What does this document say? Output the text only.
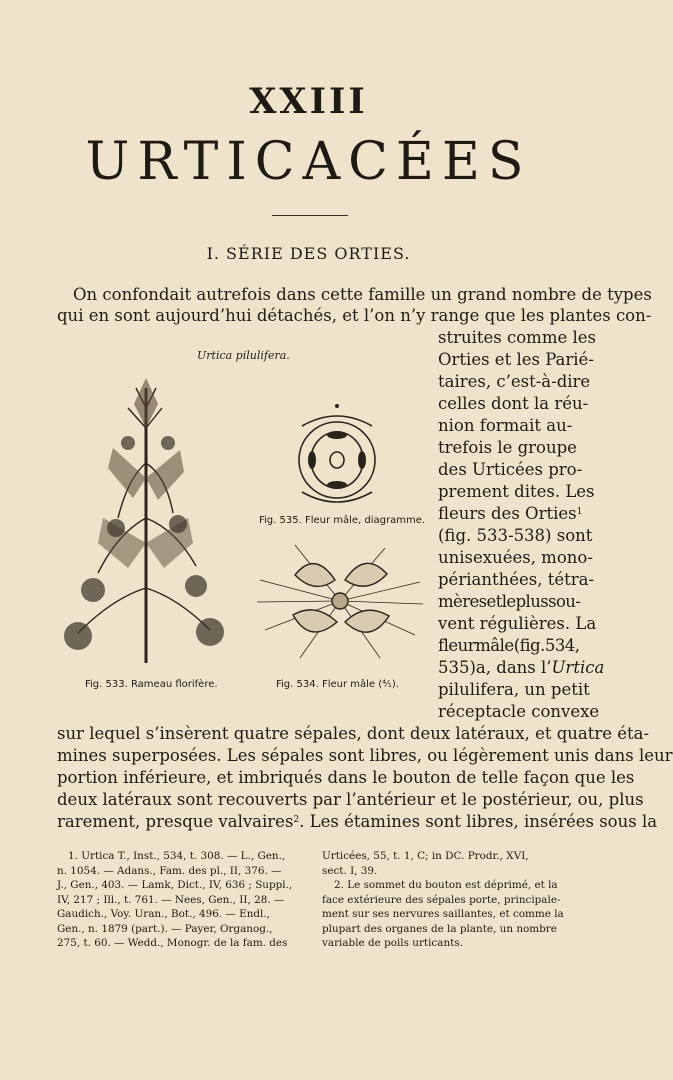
XXIII
URTICACÉES
I. SÉRIE DES ORTIES.
On confondait autrefois dans cette famille un grand nombre de types
qui en sont aujourd’hui détachés, et l’on n’y range que les plantes con-
struites comme les
Orties et les Parié-
taires, c’est-à-dire
celles dont la réu-
nion formait au-
trefois le groupe
des Urticées pro-
prement dites. Les
fleurs des Orties$^1$
(fig. 533-538) sont
unisexuées, mono-
périanthées, tétra-
mèresetleplussou-
vent régulières. La
fleurmâle(fig.534,
535)a, dans l’Urtica
pilulifera, un petit
réceptacle convexe
Urtica pilulifera.
Fig. 535. Fleur mâle, diagramme.
Fig. 533. Rameau florifère.	Fig. 534. Fleur mâle (⁴⁄₁).
sur lequel s’insèrent quatre sépales, dont deux latéraux, et quatre éta-
mines superposées. Les sépales sont libres, ou légèrement unis dans leur
portion inférieure, et imbriqués dans le bouton de telle façon que les
deux latéraux sont recouverts par l’antérieur et le postérieur, ou, plus
rarement, presque valvaires$^2$. Les étamines sont libres, insérées sous la
1. Urtica T., Inst., 534, t. 308. — L., Gen.,
n. 1054. — Adans., Fam. des pl., II, 376. —
J., Gen., 403. — Lamk, Dict., IV, 636 ; Suppl.,
IV, 217 ; Ill., t. 761. — Nees, Gen., II, 28. —
Gaudich., Voy. Uran., Bot., 496. — Endl.,
Gen., n. 1879 (part.). — Payer, Organog.,
275, t. 60. — Wedd., Monogr. de la fam. des
Urticées, 55, t. 1, C; in DC. Prodr., XVI,
sect. I, 39.
2. Le sommet du bouton est déprimé, et la
face extérieure des sépales porte, principale-
ment sur ses nervures saillantes, et comme la
plupart des organes de la plante, un nombre
variable de poils urticants.
